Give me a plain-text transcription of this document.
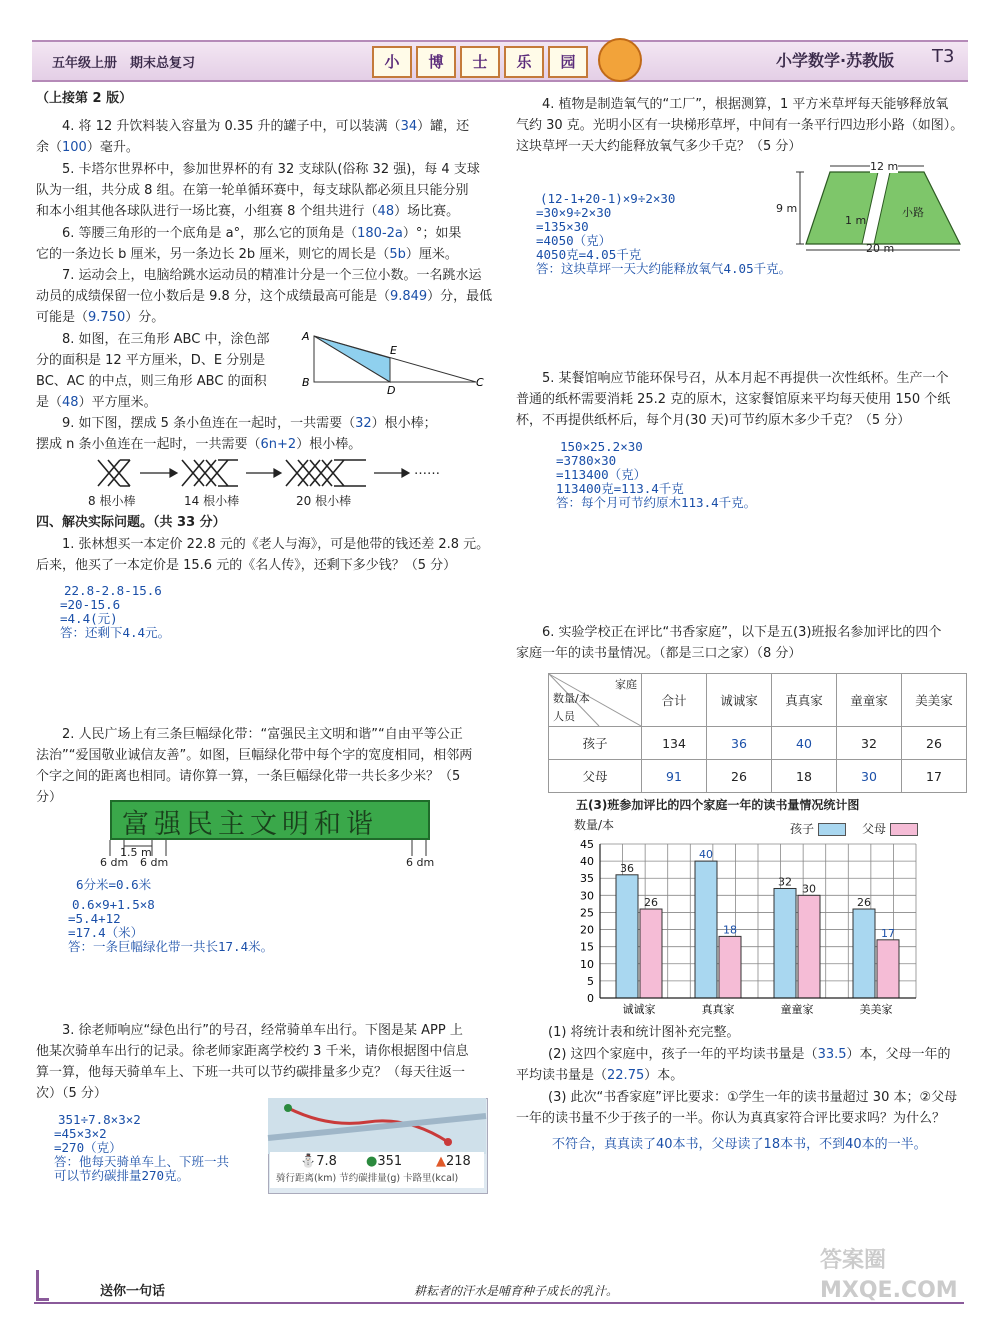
五年级上册　期末总复习	小	博	士	乐	园	小学数学·苏教版 T3
（上接第 2 版）
4. 将 12 升饮料装入容量为 0.35 升的罐子中，可以装满（34）罐，还
余（100）毫升。
5. 卡塔尔世界杯中，参加世界杯的有 32 支球队(俗称 32 强)，每 4 支球
队为一组，共分成 8 组。在第一轮单循环赛中，每支球队都必须且只能分别
和本小组其他各球队进行一场比赛，小组赛 8 个组共进行（48）场比赛。
6. 等腰三角形的一个底角是 a°，那么它的顶角是（180-2a）°；如果
它的一条边长 b 厘米，另一条边长 2b 厘米，则它的周长是（5b）厘米。
7. 运动会上，电脑给跳水运动员的精准计分是一个三位小数。一名跳水运
动员的成绩保留一位小数后是 9.8 分，这个成绩最高可能是（9.849）分，最低
可能是（9.750）分。
8. 如图，在三角形 ABC 中，涂色部
分的面积是 12 平方厘米，D、E 分别是
BC、AC 的中点，则三角形 ABC 的面积
是（48）平方厘米。
A
E
B
D
C
9. 如下图，摆成 5 条小鱼连在一起时，一共需要（32）根小棒；
摆成 n 条小鱼连在一起时，一共需要（6n+2）根小棒。
……
8 根小棒	14 根小棒	20 根小棒
四、解决实际问题。（共 33 分）
1. 张林想买一本定价 22.8 元的《老人与海》，可是他带的钱还差 2.8 元。
后来，他买了一本定价是 15.6 元的《名人传》，还剩下多少钱？（5 分）
22.8-2.8-15.6
=20-15.6
=4.4(元)
答：还剩下4.4元。
2. 人民广场上有三条巨幅绿化带：“富强民主文明和谐”“自由平等公正
法治”“爱国敬业诚信友善”。如图，巨幅绿化带中每个字的宽度相同，相邻两
个字之间的距离也相同。请你算一算，一条巨幅绿化带一共长多少米？（5
分）
富强民主文明和谐
1.5 m
6 dm 6 dm	6 dm
6分米=0.6米
0.6×9+1.5×8
=5.4+12
=17.4（米）
答：一条巨幅绿化带一共长17.4米。
3. 徐老师响应“绿色出行”的号召，经常骑单车出行。下图是某 APP 上
他某次骑单车出行的记录。徐老师家距离学校约 3 千米，请你根据图中信息
算一算，他每天骑单车上、下班一共可以节约碳排量多少克？（每天往返一
次）（5 分）
351÷7.8×3×2
=45×3×2
=270（克）
答：他每天骑单车上、下班一共
可以节约碳排量270克。
⛄7.8 ●351	▲218
骑行距离(km) 节约碳排量(g) 卡路里(kcal)
4. 植物是制造氧气的“工厂”，根据测算，1 平方米草坪每天能够释放氧
气约 30 克。光明小区有一块梯形草坪，中间有一条平行四边形小路（如图）。
这块草坪一天大约能释放氧气多少千克？（5 分）
(12-1+20-1)×9÷2×30
=30×9÷2×30
=135×30
=4050（克）
4050克=4.05千克
答：这块草坪一天大约能释放氧气4.05千克。
12 m
9 m
1 m
20 m
小路
5. 某餐馆响应节能环保号召，从本月起不再提供一次性纸杯。生产一个
普通的纸杯需要消耗 25.2 克的原木，这家餐馆原来平均每天使用 150 个纸
杯，不再提供纸杯后，每个月(30 天)可节约原木多少千克？（5 分）
150×25.2×30
=3780×30
=113400（克）
113400克=113.4千克
答：每个月可节约原木113.4千克。
6. 实验学校正在评比“书香家庭”，以下是五(3)班报名参加评比的四个
家庭一年的读书量情况。（都是三口之家）（8 分）
家庭
数量/本
人员	合计	诚诚家	真真家	童童家	美美家
孩子	134	36	40	32	26
父母	91	26	18	30	17
五(3)班参加评比的四个家庭一年的读书量情况统计图
数量/本	孩子	父母
0
5
10
15
20
25
30
35
40
45
36
26
诚诚家
40
18
真真家
32
30
童童家
26
17
美美家
(1) 将统计表和统计图补充完整。
(2) 这四个家庭中，孩子一年的平均读书量是（33.5）本，父母一年的
平均读书量是（22.75）本。
(3) 此次“书香家庭”评比要求：①学生一年的读书量超过 30 本；②父母
一年的读书量不少于孩子的一半。你认为真真家符合评比要求吗？为什么？
不符合，真真读了40本书，父母读了18本书，不到40本的一半。
送你一句话	耕耘者的汗水是哺育种子成长的乳汁。
答案圈 MXQE.COM
